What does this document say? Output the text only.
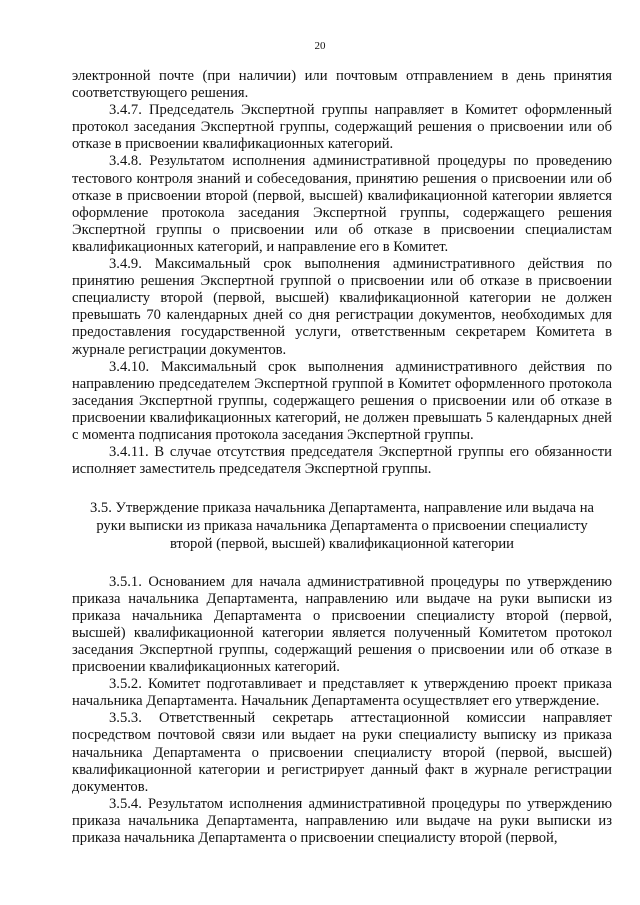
20

электронной почте (при наличии) или почтовым отправлением в день принятия соответствующего решения.

3.4.7. Председатель Экспертной группы направляет в Комитет оформленный протокол заседания Экспертной группы, содержащий решения о присвоении или об отказе в присвоении квалификационных категорий.

3.4.8. Результатом исполнения административной процедуры по проведению тестового контроля знаний и собеседования, принятию решения о присвоении или об отказе в присвоении второй (первой, высшей) квалификационной категории является оформление протокола заседания Экспертной группы, содержащего решения Экспертной группы о присвоении или об отказе в присвоении специалистам квалификационных категорий, и направление его в Комитет.

3.4.9. Максимальный срок выполнения административного действия по принятию решения Экспертной группой о присвоении или об отказе в присвоении специалисту второй (первой, высшей) квалификационной категории не должен превышать 70 календарных дней со дня регистрации документов, необходимых для предоставления государственной услуги, ответственным секретарем Комитета в журнале регистрации документов.

3.4.10. Максимальный срок выполнения административного действия по направлению председателем Экспертной группой в Комитет оформленного протокола заседания Экспертной группы, содержащего решения о присвоении или об отказе в присвоении квалификационных категорий, не должен превышать 5 календарных дней с момента подписания протокола заседания Экспертной группы.

3.4.11. В случае отсутствия председателя Экспертной группы его обязанности исполняет заместитель председателя Экспертной группы.

3.5. Утверждение приказа начальника Департамента, направление или выдача на руки выписки из приказа начальника Департамента о присвоении специалисту второй (первой, высшей) квалификационной категории

3.5.1. Основанием для начала административной процедуры по утверждению приказа начальника Департамента, направлению или выдаче на руки выписки из приказа начальника Департамента о присвоении специалисту второй (первой, высшей) квалификационной категории является полученный Комитетом протокол заседания Экспертной группы, содержащий решения о присвоении или об отказе в присвоении квалификационных категорий.

3.5.2. Комитет подготавливает и представляет к утверждению проект приказа начальника Департамента. Начальник Департамента осуществляет его утверждение.

3.5.3. Ответственный секретарь аттестационной комиссии направляет посредством почтовой связи или выдает на руки специалисту выписку из приказа начальника Департамента о присвоении специалисту второй (первой, высшей) квалификационной категории и регистрирует данный факт в журнале регистрации документов.

3.5.4. Результатом исполнения административной процедуры по утверждению приказа начальника Департамента, направлению или выдаче на руки выписки из приказа начальника Департамента о присвоении специалисту второй (первой,
